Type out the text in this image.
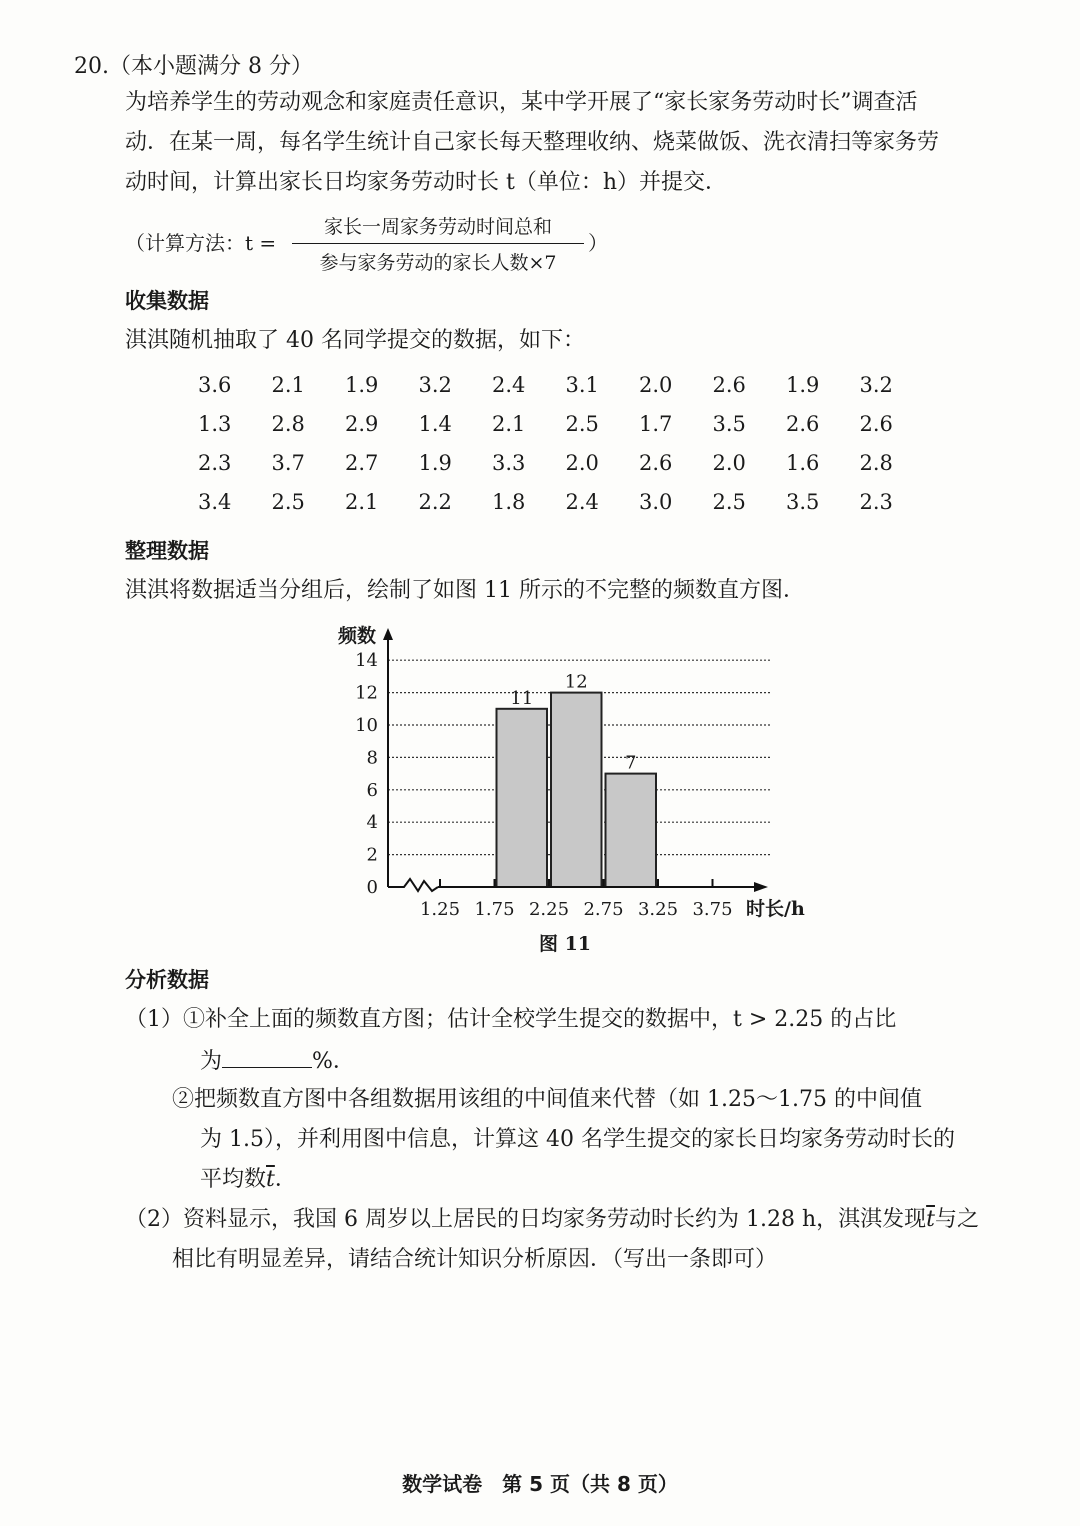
20.（本小题满分 8 分）
为培养学生的劳动观念和家庭责任意识，某中学开展了“家长家务劳动时长”调查活
动．在某一周，每名学生统计自己家长每天整理收纳、烧菜做饭、洗衣清扫等家务劳
动时间，计算出家长日均家务劳动时长 t（单位：h）并提交．
（计算方法：t =
家长一周家务劳动时间总和
参与家务劳动的家长人数×7
）
收集数据
淇淇随机抽取了 40 名同学提交的数据，如下：
3.6 2.1 1.9 3.2 2.4 3.1 2.0 2.6 1.9 3.2
1.3 2.8 2.9 1.4 2.1 2.5 1.7 3.5 2.6 2.6
2.3 3.7 2.7 1.9 3.3 2.0 2.6 2.0 1.6 2.8
3.4 2.5 2.1 2.2 1.8 2.4 3.0 2.5 3.5 2.3
整理数据
淇淇将数据适当分组后，绘制了如图 11 所示的不完整的频数直方图．
11
12
7
0
2
4
6
8
10
12
14
频数
1.25 1.75 2.25 2.75 3.25 3.75 时长/h
图 11
分析数据
（1）①补全上面的频数直方图；估计全校学生提交的数据中，t > 2.25 的占比
为	%．
②把频数直方图中各组数据用该组的中间值来代替（如 1.25～1.75 的中间值
为 1.5），并利用图中信息，计算这 40 名学生提交的家长日均家务劳动时长的
平均数$\overline{t}$．
（2）资料显示，我国 6 周岁以上居民的日均家务劳动时长约为 1.28 h，淇淇发现$\overline{t}$与之
相比有明显差异，请结合统计知识分析原因．（写出一条即可）
数学试卷　第 5 页（共 8 页）
